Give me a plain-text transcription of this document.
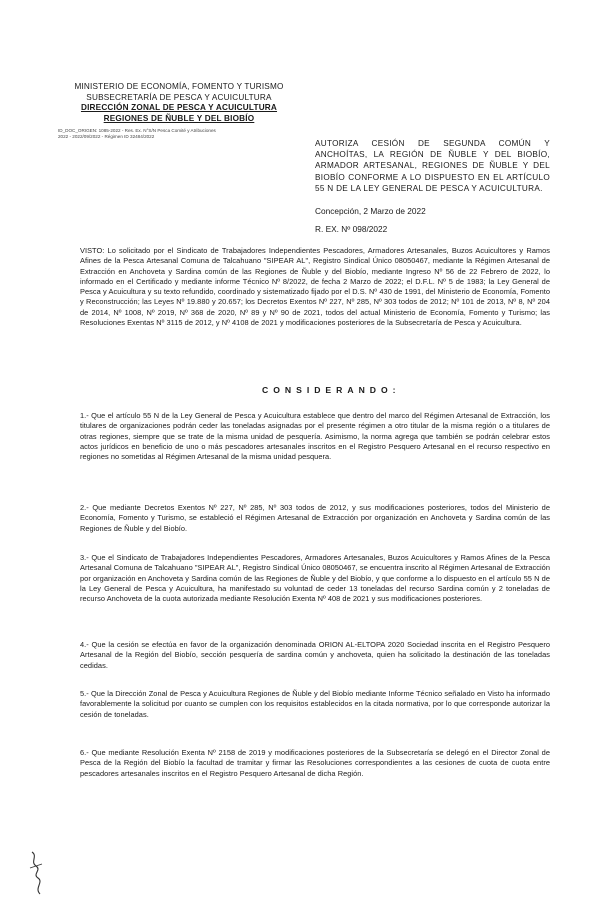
MINISTERIO DE ECONOMÍA, FOMENTO Y TURISMO
SUBSECRETARÍA DE PESCA Y ACUICULTURA
DIRECCIÓN ZONAL DE PESCA Y ACUICULTURA
REGIONES DE ÑUBLE Y DEL BIOBÍO
ID_DOC_ORIGEN: 1085-2022 - Res. Ex. N°S/N Pesca Comité y Atribuciones
2022 - 2022/09/2022 - Régimen ID 32484/2022
AUTORIZA CESIÓN DE SEGUNDA COMÚN Y ANCHOÍTAS, LA REGIÓN DE ÑUBLE Y DEL BIOBÍO, ARMADOR ARTESANAL, REGIONES DE ÑUBLE Y DEL BIOBÍO CONFORME A LO DISPUESTO EN EL ARTÍCULO 55 N DE LA LEY GENERAL DE PESCA Y ACUICULTURA.
Concepción, 2 Marzo de 2022
R. EX. Nº 098/2022
VISTO: Lo solicitado por el Sindicato de Trabajadores Independientes Pescadores, Armadores Artesanales, Buzos Acuicultores y Ramos Afines de la Pesca Artesanal Comuna de Talcahuano "SIPEAR AL", Registro Sindical Único 08050467, mediante la Régimen Artesanal de Extracción en Anchoveta y Sardina común de las Regiones de Ñuble y del Biobío, mediante Ingreso Nº 56 de 22 Febrero de 2022, lo informado en el Certificado y mediante informe Técnico Nº 8/2022, de fecha 2 Marzo de 2022; el D.F.L. Nº 5 de 1983; la Ley General de Pesca y Acuicultura y su texto refundido, coordinado y sistematizado fijado por el D.S. Nº 430 de 1991, del Ministerio de Economía, Fomento y Reconstrucción; las Leyes Nº 19.880 y 20.657; los Decretos Exentos Nº 227, Nº 285, Nº 303 todos de 2012; Nº 101 de 2013, Nº 8, Nº 204 de 2014, Nº 1008, Nº 2019, Nº 368 de 2020, Nº 89 y Nº 90 de 2021, todos del actual Ministerio de Economía, Fomento y Turismo; las Resoluciones Exentas Nº 3115 de 2012, y Nº 4108 de 2021 y modificaciones posteriores de la Subsecretaría de Pesca y Acuicultura.
CONSIDERANDO:
1.- Que el artículo 55 N de la Ley General de Pesca y Acuicultura establece que dentro del marco del Régimen Artesanal de Extracción, los titulares de organizaciones podrán ceder las toneladas asignadas por el presente régimen a otro titular de la misma región o a titulares de otras regiones, siempre que se trate de la misma unidad de pesquería. Asimismo, la norma agrega que también se podrán celebrar estos actos jurídicos en beneficio de uno o más pescadores artesanales inscritos en el Registro Pesquero Artesanal en el recurso respectivo en regiones no sometidas al Régimen Artesanal de la misma unidad pesquera.
2.- Que mediante Decretos Exentos Nº 227, Nº 285, Nº 303 todos de 2012, y sus modificaciones posteriores, todos del Ministerio de Economía, Fomento y Turismo, se estableció el Régimen Artesanal de Extracción por organización en Anchoveta y Sardina común de las Regiones de Ñuble y del Biobío.
3.- Que el Sindicato de Trabajadores Independientes Pescadores, Armadores Artesanales, Buzos Acuicultores y Ramos Afines de la Pesca Artesanal Comuna de Talcahuano "SIPEAR AL", Registro Sindical Único 08050467, se encuentra inscrito al Régimen Artesanal de Extracción por organización en Anchoveta y Sardina común de las Regiones de Ñuble y del Biobío, y que conforme a lo dispuesto en el artículo 55 N de la Ley General de Pesca y Acuicultura, ha manifestado su voluntad de ceder 13 toneladas del recurso Sardina común y 2 toneladas de recurso Anchoveta de la cuota autorizada mediante Resolución Exenta Nº 408 de 2021 y sus modificaciones posteriores.
4.- Que la cesión se efectúa en favor de la organización denominada ORION AL-ELTOPA 2020 Sociedad inscrita en el Registro Pesquero Artesanal de la Región del Biobío, sección pesquería de sardina común y anchoveta, quien ha solicitado la destinación de las toneladas cedidas.
5.- Que la Dirección Zonal de Pesca y Acuicultura Regiones de Ñuble y del Biobío mediante Informe Técnico señalado en Visto ha informado favorablemente la solicitud por cuanto se cumplen con los requisitos establecidos en la citada normativa, por lo que corresponde autorizar la cesión de toneladas.
6.- Que mediante Resolución Exenta Nº 2158 de 2019 y modificaciones posteriores de la Subsecretaría se delegó en el Director Zonal de Pesca de la Región del Biobío la facultad de tramitar y firmar las Resoluciones correspondientes a las cesiones de cuota de cuota entre pescadores artesanales inscritos en el Registro Pesquero Artesanal de dicha Región.
